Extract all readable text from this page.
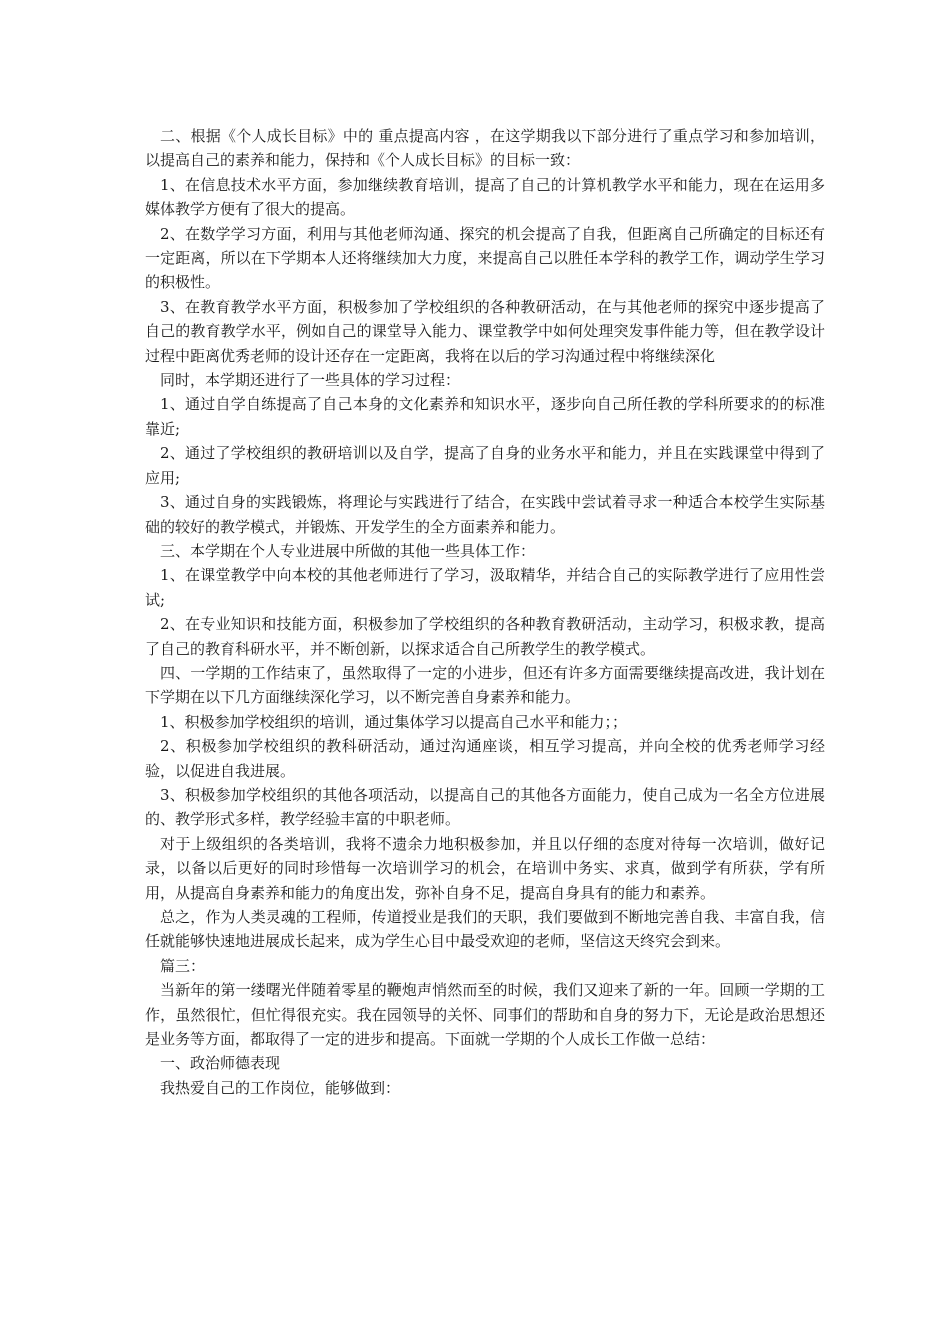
二、根据《个人成长目标》中的 重点提高内容 ，在这学期我以下部分进行了重点学习和参加培训，以提高自己的素养和能力，保持和《个人成长目标》的目标一致：

1、在信息技术水平方面，参加继续教育培训，提高了自己的计算机教学水平和能力，现在在运用多媒体教学方便有了很大的提高。

2、在数学学习方面，利用与其他老师沟通、探究的机会提高了自我，但距离自己所确定的目标还有一定距离，所以在下学期本人还将继续加大力度，来提高自己以胜任本学科的教学工作，调动学生学习的积极性。

3、在教育教学水平方面，积极参加了学校组织的各种教研活动，在与其他老师的探究中逐步提高了自己的教育教学水平，例如自己的课堂导入能力、课堂教学中如何处理突发事件能力等，但在教学设计过程中距离优秀老师的设计还存在一定距离，我将在以后的学习沟通过程中将继续深化

同时，本学期还进行了一些具体的学习过程：

1、通过自学自练提高了自己本身的文化素养和知识水平，逐步向自己所任教的学科所要求的的标准靠近;

2、通过了学校组织的教研培训以及自学，提高了自身的业务水平和能力，并且在实践课堂中得到了应用;

3、通过自身的实践锻炼，将理论与实践进行了结合，在实践中尝试着寻求一种适合本校学生实际基础的较好的教学模式，并锻炼、开发学生的全方面素养和能力。

三、本学期在个人专业进展中所做的其他一些具体工作：

1、在课堂教学中向本校的其他老师进行了学习，汲取精华，并结合自己的实际教学进行了应用性尝试;

2、在专业知识和技能方面，积极参加了学校组织的各种教育教研活动，主动学习，积极求教，提高了自己的教育科研水平，并不断创新，以探求适合自己所教学生的教学模式。

四、一学期的工作结束了，虽然取得了一定的小进步，但还有许多方面需要继续提高改进，我计划在下学期在以下几方面继续深化学习，以不断完善自身素养和能力。

1、积极参加学校组织的培训，通过集体学习以提高自己水平和能力；；

2、积极参加学校组织的教科研活动，通过沟通座谈，相互学习提高，并向全校的优秀老师学习经验，以促进自我进展。

3、积极参加学校组织的其他各项活动，以提高自己的其他各方面能力，使自己成为一名全方位进展的、教学形式多样，教学经验丰富的中职老师。

对于上级组织的各类培训，我将不遗余力地积极参加，并且以仔细的态度对待每一次培训，做好记录，以备以后更好的同时珍惜每一次培训学习的机会，在培训中务实、求真，做到学有所获，学有所用，从提高自身素养和能力的角度出发，弥补自身不足，提高自身具有的能力和素养。

总之，作为人类灵魂的工程师，传道授业是我们的天职，我们要做到不断地完善自我、丰富自我，信任就能够快速地进展成长起来，成为学生心目中最受欢迎的老师，坚信这天终究会到来。

篇三：

当新年的第一缕曙光伴随着零星的鞭炮声悄然而至的时候，我们又迎来了新的一年。回顾一学期的工作，虽然很忙，但忙得很充实。我在园领导的关怀、同事们的帮助和自身的努力下，无论是政治思想还是业务等方面，都取得了一定的进步和提高。下面就一学期的个人成长工作做一总结：

一、政治师德表现

我热爱自己的工作岗位，能够做到：
